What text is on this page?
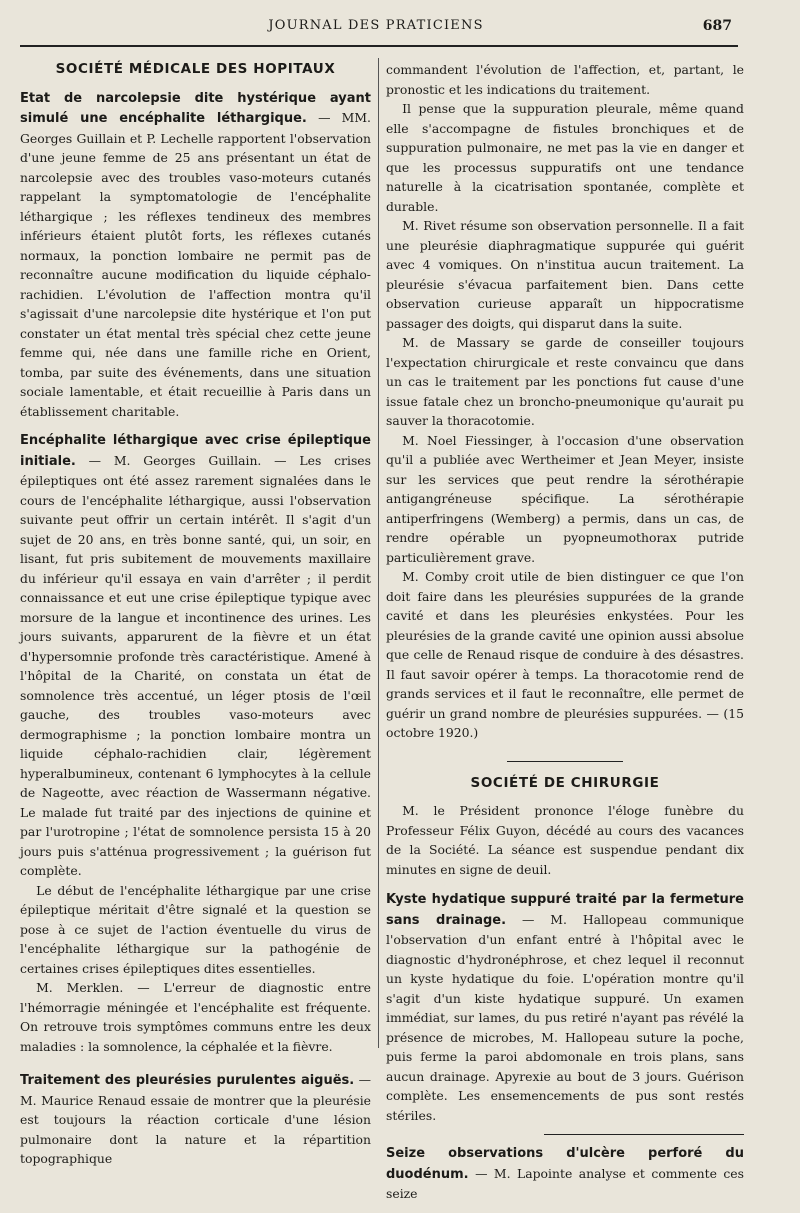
JOURNAL DES PRATICIENS	687
SOCIÉTÉ MÉDICALE DES HOPITAUX

Etat de narcolepsie dite hystérique ayant simulé une encéphalite léthargique. — MM. Georges Guillain et P. Lechelle rapportent l'observation d'une jeune femme de 25 ans présentant un état de narcolepsie avec des troubles vaso-moteurs cutanés rappelant la symptomatologie de l'encéphalite léthargique ; les réflexes tendineux des membres inférieurs étaient plutôt forts, les réflexes cutanés normaux, la ponction lombaire ne permit pas de reconnaître aucune modification du liquide céphalo-rachidien. L'évolution de l'affection montra qu'il s'agissait d'une narcolepsie dite hystérique et l'on put constater un état mental très spécial chez cette jeune femme qui, née dans une famille riche en Orient, tomba, par suite des événements, dans une situation sociale lamentable, et était recueillie à Paris dans un établissement charitable.

Encéphalite léthargique avec crise épileptique initiale. — M. Georges Guillain. — Les crises épileptiques ont été assez rarement signalées dans le cours de l'encéphalite léthargique, aussi l'observation suivante peut offrir un certain intérêt. Il s'agit d'un sujet de 20 ans, en très bonne santé, qui, un soir, en lisant, fut pris subitement de mouvements maxillaire du inférieur qu'il essaya en vain d'arrêter ; il perdit connaissance et eut une crise épileptique typique avec morsure de la langue et incontinence des urines. Les jours suivants, apparurent de la fièvre et un état d'hypersomnie profonde très caractéristique. Amené à l'hôpital de la Charité, on constata un état de somnolence très accentué, un léger ptosis de l'œil gauche, des troubles vaso-moteurs avec dermographisme ; la ponction lombaire montra un liquide céphalo-rachidien clair, légèrement hyperalbumineux, contenant 6 lymphocytes à la cellule de Nageotte, avec réaction de Wassermann négative. Le malade fut traité par des injections de quinine et par l'urotropine ; l'état de somnolence persista 15 à 20 jours puis s'atténua progressivement ; la guérison fut complète.

Le début de l'encéphalite léthargique par une crise épileptique méritait d'être signalé et la question se pose à ce sujet de l'action éventuelle du virus de l'encéphalite léthargique sur la pathogénie de certaines crises épileptiques dites essentielles.

M. Merklen. — L'erreur de diagnostic entre l'hémorragie méningée et l'encéphalite est fréquente. On retrouve trois symptômes communs entre les deux maladies : la somnolence, la céphalée et la fièvre.

Traitement des pleurésies purulentes aiguës. — M. Maurice Renaud essaie de montrer que la pleurésie est toujours la réaction corticale d'une lésion pulmonaire dont la nature et la répartition topographique

commandent l'évolution de l'affection, et, partant, le pronostic et les indications du traitement.

Il pense que la suppuration pleurale, même quand elle s'accompagne de fistules bronchiques et de suppuration pulmonaire, ne met pas la vie en danger et que les processus suppuratifs ont une tendance naturelle à la cicatrisation spontanée, complète et durable.

M. Rivet résume son observation personnelle. Il a fait une pleurésie diaphragmatique suppurée qui guérit avec 4 vomiques. On n'institua aucun traitement. La pleurésie s'évacua parfaitement bien. Dans cette observation curieuse apparaît un hippocratisme passager des doigts, qui disparut dans la suite.

M. de Massary se garde de conseiller toujours l'expectation chirurgicale et reste convaincu que dans un cas le traitement par les ponctions fut cause d'une issue fatale chez un broncho-pneumonique qu'aurait pu sauver la thoracotomie.

M. Noel Fiessinger, à l'occasion d'une observation qu'il a publiée avec Wertheimer et Jean Meyer, insiste sur les services que peut rendre la sérothérapie antigangréneuse spécifique. La sérothérapie antiperfringens (Wemberg) a permis, dans un cas, de rendre opérable un pyopneumothorax putride particulièrement grave.

M. Comby croit utile de bien distinguer ce que l'on doit faire dans les pleurésies suppurées de la grande cavité et dans les pleurésies enkystées. Pour les pleurésies de la grande cavité une opinion aussi absolue que celle de Renaud risque de conduire à des désastres. Il faut savoir opérer à temps. La thoracotomie rend de grands services et il faut le reconnaître, elle permet de guérir un grand nombre de pleurésies suppurées. — (15 octobre 1920.)

SOCIÉTÉ DE CHIRURGIE

M. le Président prononce l'éloge funèbre du Professeur Félix Guyon, décédé au cours des vacances de la Société. La séance est suspendue pendant dix minutes en signe de deuil.

Kyste hydatique suppuré traité par la fermeture sans drainage. — M. Hallopeau communique l'observation d'un enfant entré à l'hôpital avec le diagnostic d'hydronéphrose, et chez lequel il reconnut un kyste hydatique du foie. L'opération montre qu'il s'agit d'un kiste hydatique suppuré. Un examen immédiat, sur lames, du pus retiré n'ayant pas révélé la présence de microbes, M. Hallopeau suture la poche, puis ferme la paroi abdomonale en trois plans, sans aucun drainage. Apyrexie au bout de 3 jours. Guérison complète. Les ensemencements de pus sont restés stériles.

Seize observations d'ulcère perforé du duodénum. — M. Lapointe analyse et commente ces seize
